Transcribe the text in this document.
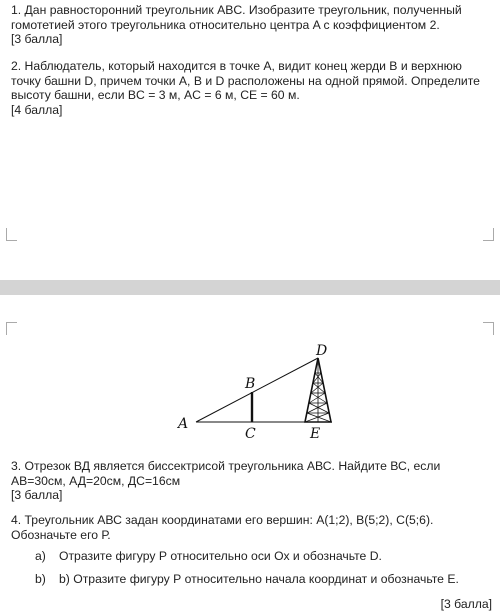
1. Дан равносторонний треугольник ABC. Изобразите треугольник, полученный
гомотетией этого треугольника относительно центра A с коэффициентом 2.
[3 балла]
2. Наблюдатель, который находится в точке А, видит конец жерди B и верхнюю
точку башни D, причем точки A, B и D расположены на одной прямой. Определите
высоту башни, если BC = 3 м, AC = 6 м, CE = 60 м.
[4 балла]
A
B
C
D
E
3. Отрезок ВД является биссектрисой треугольника АВС. Найдите ВС, если
АВ=30см, АД=20см, ДС=16см
[3 балла]
4. Треугольник АВС задан координатами его вершин: А(1;2), В(5;2), С(5;6).
Обозначьте его Р.
a) Отразите фигуру Р относительно оси Ох и обозначьте D.
b) b) Отразите фигуру Р относительно начала координат и обозначьте Е.
[3 балла]
